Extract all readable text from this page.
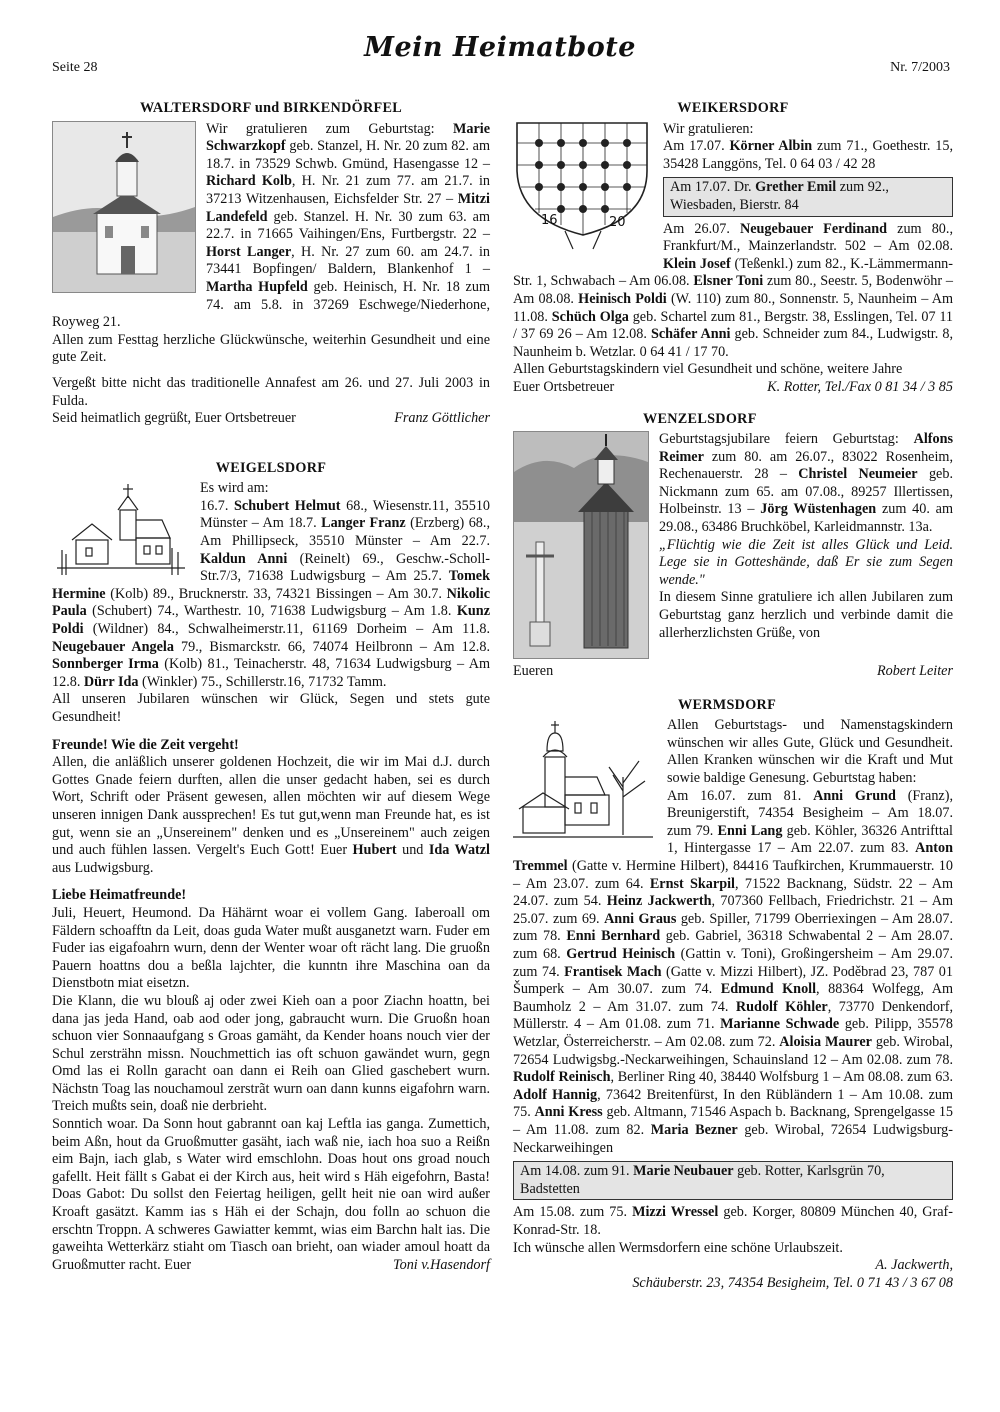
Seite 28
Mein Heimatbote
Nr. 7/2003
WALTERSDORF und BIRKENDÖRFEL

Wir gratulieren zum Geburtstag: Marie Schwarzkopf geb. Stanzel, H. Nr. 20 zum 82. am 18.7. in 73529 Schwb. Gmünd, Hasengasse 12 – Richard Kolb, H. Nr. 21 zum 77. am 21.7. in 37213 Witzenhausen, Eichsfelder Str. 27 – Mitzi Landefeld geb. Stanzel. H. Nr. 30 zum 63. am 22.7. in 71665 Vaihingen/Ens, Furtbergstr. 22 – Horst Langer, H. Nr. 27 zum 60. am 24.7. in 73441 Bopfingen/ Baldern, Blankenhof 1 – Martha Hupfeld geb. Heinisch, H. Nr. 18 zum 74. am 5.8. in 37269 Eschwege/Niederhone, Royweg 21.

Allen zum Festtag herzliche Glückwünsche, weiterhin Gesundheit und eine gute Zeit.

Vergeßt bitte nicht das traditionelle Annafest am 26. und 27. Juli 2003 in Fulda.

Seid heimatlich gegrüßt, Euer Ortsbetreuer	Franz Göttlicher
WEIGELSDORF

Es wird am:
16.7. Schubert Helmut 68., Wiesenstr.11, 35510 Münster – Am 18.7. Langer Franz (Erzberg) 68., Am Phillipseck, 35510 Münster – Am 22.7. Kaldun Anni (Reinelt) 69., Geschw.-Scholl-Str.7/3, 71638 Ludwigsburg – Am 25.7. Tomek Hermine (Kolb) 89., Brucknerstr. 33, 74321 Bissingen – Am 30.7. Nikolic Paula (Schubert) 74., Warthestr. 10, 71638 Ludwigsburg – Am 1.8. Kunz Poldi (Wildner) 84., Schwalheimerstr.11, 61169 Dorheim – Am 11.8. Neugebauer Angela 79., Bismarckstr. 66, 74074 Heilbronn – Am 12.8. Sonnberger Irma (Kolb) 81., Teinacherstr. 48, 71634 Ludwigsburg – Am 12.8. Dürr Ida (Winkler) 75., Schillerstr.16, 71732 Tamm.

All unseren Jubilaren wünschen wir Glück, Segen und stets gute Gesundheit!

Freunde! Wie die Zeit vergeht!

Allen, die anläßlich unserer goldenen Hochzeit, die wir im Mai d.J. durch Gottes Gnade feiern durften, allen die unser gedacht haben, sei es durch Wort, Schrift oder Präsent gewesen, allen möchten wir auf diesem Wege unseren innigen Dank aussprechen! Es tut gut,wenn man Freunde hat, es ist gut, wenn sie an „Unsereinem" denken und es „Unsereinem" auch zeigen und auch fühlen lassen. Vergelt's Euch Gott! Euer Hubert und Ida Watzl aus Ludwigsburg.

Liebe Heimatfreunde!

Juli, Heuert, Heumond. Da Hähärnt woar ei vollem Gang. Iaberoall om Fäldern schoafftn da Leit, doas guda Water mußt ausganetzt warn. Fuder em Fuder ias eigafoahrn wurn, denn der Wenter woar oft rächt lang. Die gruoßn Pauern hoattns dou a beßla lajchter, die kunntn ihre Maschina oan da Dienstbotn miat eisetzn.

Die Klann, die wu blouß aj oder zwei Kieh oan a poor Ziachn hoattn, bei dana jas jeda Hand, oab aod oder jong, gabraucht wurn. Die Gruoßn hoan schuon vier Sonnaaufgang s Groas gamäht, da Kender hoans nouch vier der Schul zersträhn missn. Nouchmettich ias oft schuon gawändet wurn, gegn Omd las ei Rolln garacht oan dann ei Reih oan Glied gaschebert wurn. Nächstn Toag las nouchamoul zerstrãt wurn oan dann kunns eigafohrn warn. Treich mußts sein, doaß nie derbrieht.

Sonntich woar. Da Sonn hout gabrannt oan kaj Leftla ias ganga. Zumettich, beim Aßn, hout da Gruoßmutter gasäht, iach waß nie, iach hoa suo a Reißn eim Bajn, iach glab, s Water wird emschlohn. Doas hout ons groad nouch gafellt. Heit fällt s Gabat ei der Kirch aus, heit wird s Häh eigefohrn, Basta! Doas Gabot: Du sollst den Feiertag heiligen, gellt heit nie oan wird außer Kroaft gasätzt. Kamm ias s Häh ei der Schajn, dou folln ao schuon die erschtn Troppn. A schweres Gawiatter kemmt, wias eim Barchn halt ias. Die gaweihta Wetterkärz stiaht om Tiasch oan brieht, oan wiader amoul hoatt da Gruoßmutter racht. Euer	Toni v.Hasendorf

WEIKERSDORF
16	20

Wir gratulieren:
Am 17.07. Körner Albin zum 71., Goethestr. 15, 35428 Langgöns, Tel. 0 64 03 / 42 28

Am 17.07. Dr. Grether Emil zum 92., Wiesbaden, Bierstr. 84

Am 26.07. Neugebauer Ferdinand zum 80., Frankfurt/M., Mainzerlandstr. 502 – Am 02.08. Klein Josef (Teßenkl.) zum 82., K.-Lämmermann-Str. 1, Schwabach – Am 06.08. Elsner Toni zum 80., Seestr. 5, Bodenwöhr – Am 08.08. Heinisch Poldi (W. 110) zum 80., Sonnenstr. 5, Naunheim – Am 11.08. Schüch Olga geb. Schartel zum 81., Bergstr. 38, Esslingen, Tel. 07 11 / 37 69 26 – Am 12.08. Schäfer Anni geb. Schneider zum 84., Ludwigstr. 8, Naunheim b. Wetzlar. 0 64 41 / 17 70.

Allen Geburtstagskindern viel Gesundheit und schöne, weitere Jahre

Euer Ortsbetreuer	K. Rotter, Tel./Fax 0 81 34 / 3 85
WENZELSDORF

Geburtstagsjubilare feiern Geburtstag: Alfons Reimer zum 80. am 26.07., 83022 Rosenheim, Rechenauerstr. 28 – Christel Neumeier geb. Nickmann zum 65. am 07.08., 89257 Illertissen, Holbeinstr. 13 – Jörg Wüstenhagen zum 40. am 29.08., 63486 Bruchköbel, Karleidmannstr. 13a.

„Flüchtig wie die Zeit ist alles Glück und Leid. Lege sie in Gotteshände, daß Er sie zum Segen wende."

In diesem Sinne gratuliere ich allen Jubilaren zum Geburtstag ganz herzlich und verbinde damit die allerherzlichsten Grüße, von

Eueren	Robert Leiter
WERMSDORF

Allen Geburtstags- und Namenstagskindern wünschen wir alles Gute, Glück und Gesundheit. Allen Kranken wünschen wir die Kraft und Mut sowie baldige Genesung. Geburtstag haben:
Am 16.07. zum 81. Anni Grund (Franz), Breunigerstift, 74354 Besigheim – Am 18.07. zum 79. Enni Lang geb. Köhler, 36326 Antrifttal 1, Hintergasse 17 – Am 22.07. zum 83. Anton Tremmel (Gatte v. Hermine Hilbert), 84416 Taufkirchen, Krummauerstr. 10 – Am 23.07. zum 64. Ernst Skarpil, 71522 Backnang, Südstr. 22 – Am 24.07. zum 54. Heinz Jackwerth, 707360 Fellbach, Friedrichstr. 21 – Am 25.07. zum 69. Anni Graus geb. Spiller, 71799 Oberriexingen – Am 28.07. zum 78. Enni Bernhard geb. Gabriel, 36318 Schwabental 2 – Am 28.07. zum 68. Gertrud Heinisch (Gattin v. Toni), Großingersheim – Am 29.07. zum 74. Frantisek Mach (Gatte v. Mizzi Hilbert), JZ. Poděbrad 23, 787 01 Šumperk – Am 30.07. zum 74. Edmund Knoll, 88364 Wolfegg, Am Baumholz 2 – Am 31.07. zum 74. Rudolf Köhler, 73770 Denkendorf, Müllerstr. 4 – Am 01.08. zum 71. Marianne Schwade geb. Pilipp, 35578 Wetzlar, Österreicherstr. – Am 02.08. zum 72. Aloisia Maurer geb. Wirobal, 72654 Ludwigsbg.-Neckarweihingen, Schauinsland 12 – Am 02.08. zum 78. Rudolf Reinisch, Berliner Ring 40, 38440 Wolfsburg 1 – Am 08.08. zum 63. Adolf Hannig, 73642 Breitenfürst, In den Rübländern 1 – Am 10.08. zum 75. Anni Kress geb. Altmann, 71546 Aspach b. Backnang, Sprengelgasse 15 – Am 11.08. zum 82. Maria Bezner geb. Wirobal, 72654 Ludwigsburg-Neckarweihingen

Am 14.08. zum 91. Marie Neubauer geb. Rotter, Karlsgrün 70, Badstetten

Am 15.08. zum 75. Mizzi Wressel geb. Korger, 80809 München 40, Graf-Konrad-Str. 18.
Ich wünsche allen Wermsdorfern eine schöne Urlaubszeit.

A. Jackwerth,
Schäuberstr. 23, 74354 Besigheim, Tel. 0 71 43 / 3 67 08
